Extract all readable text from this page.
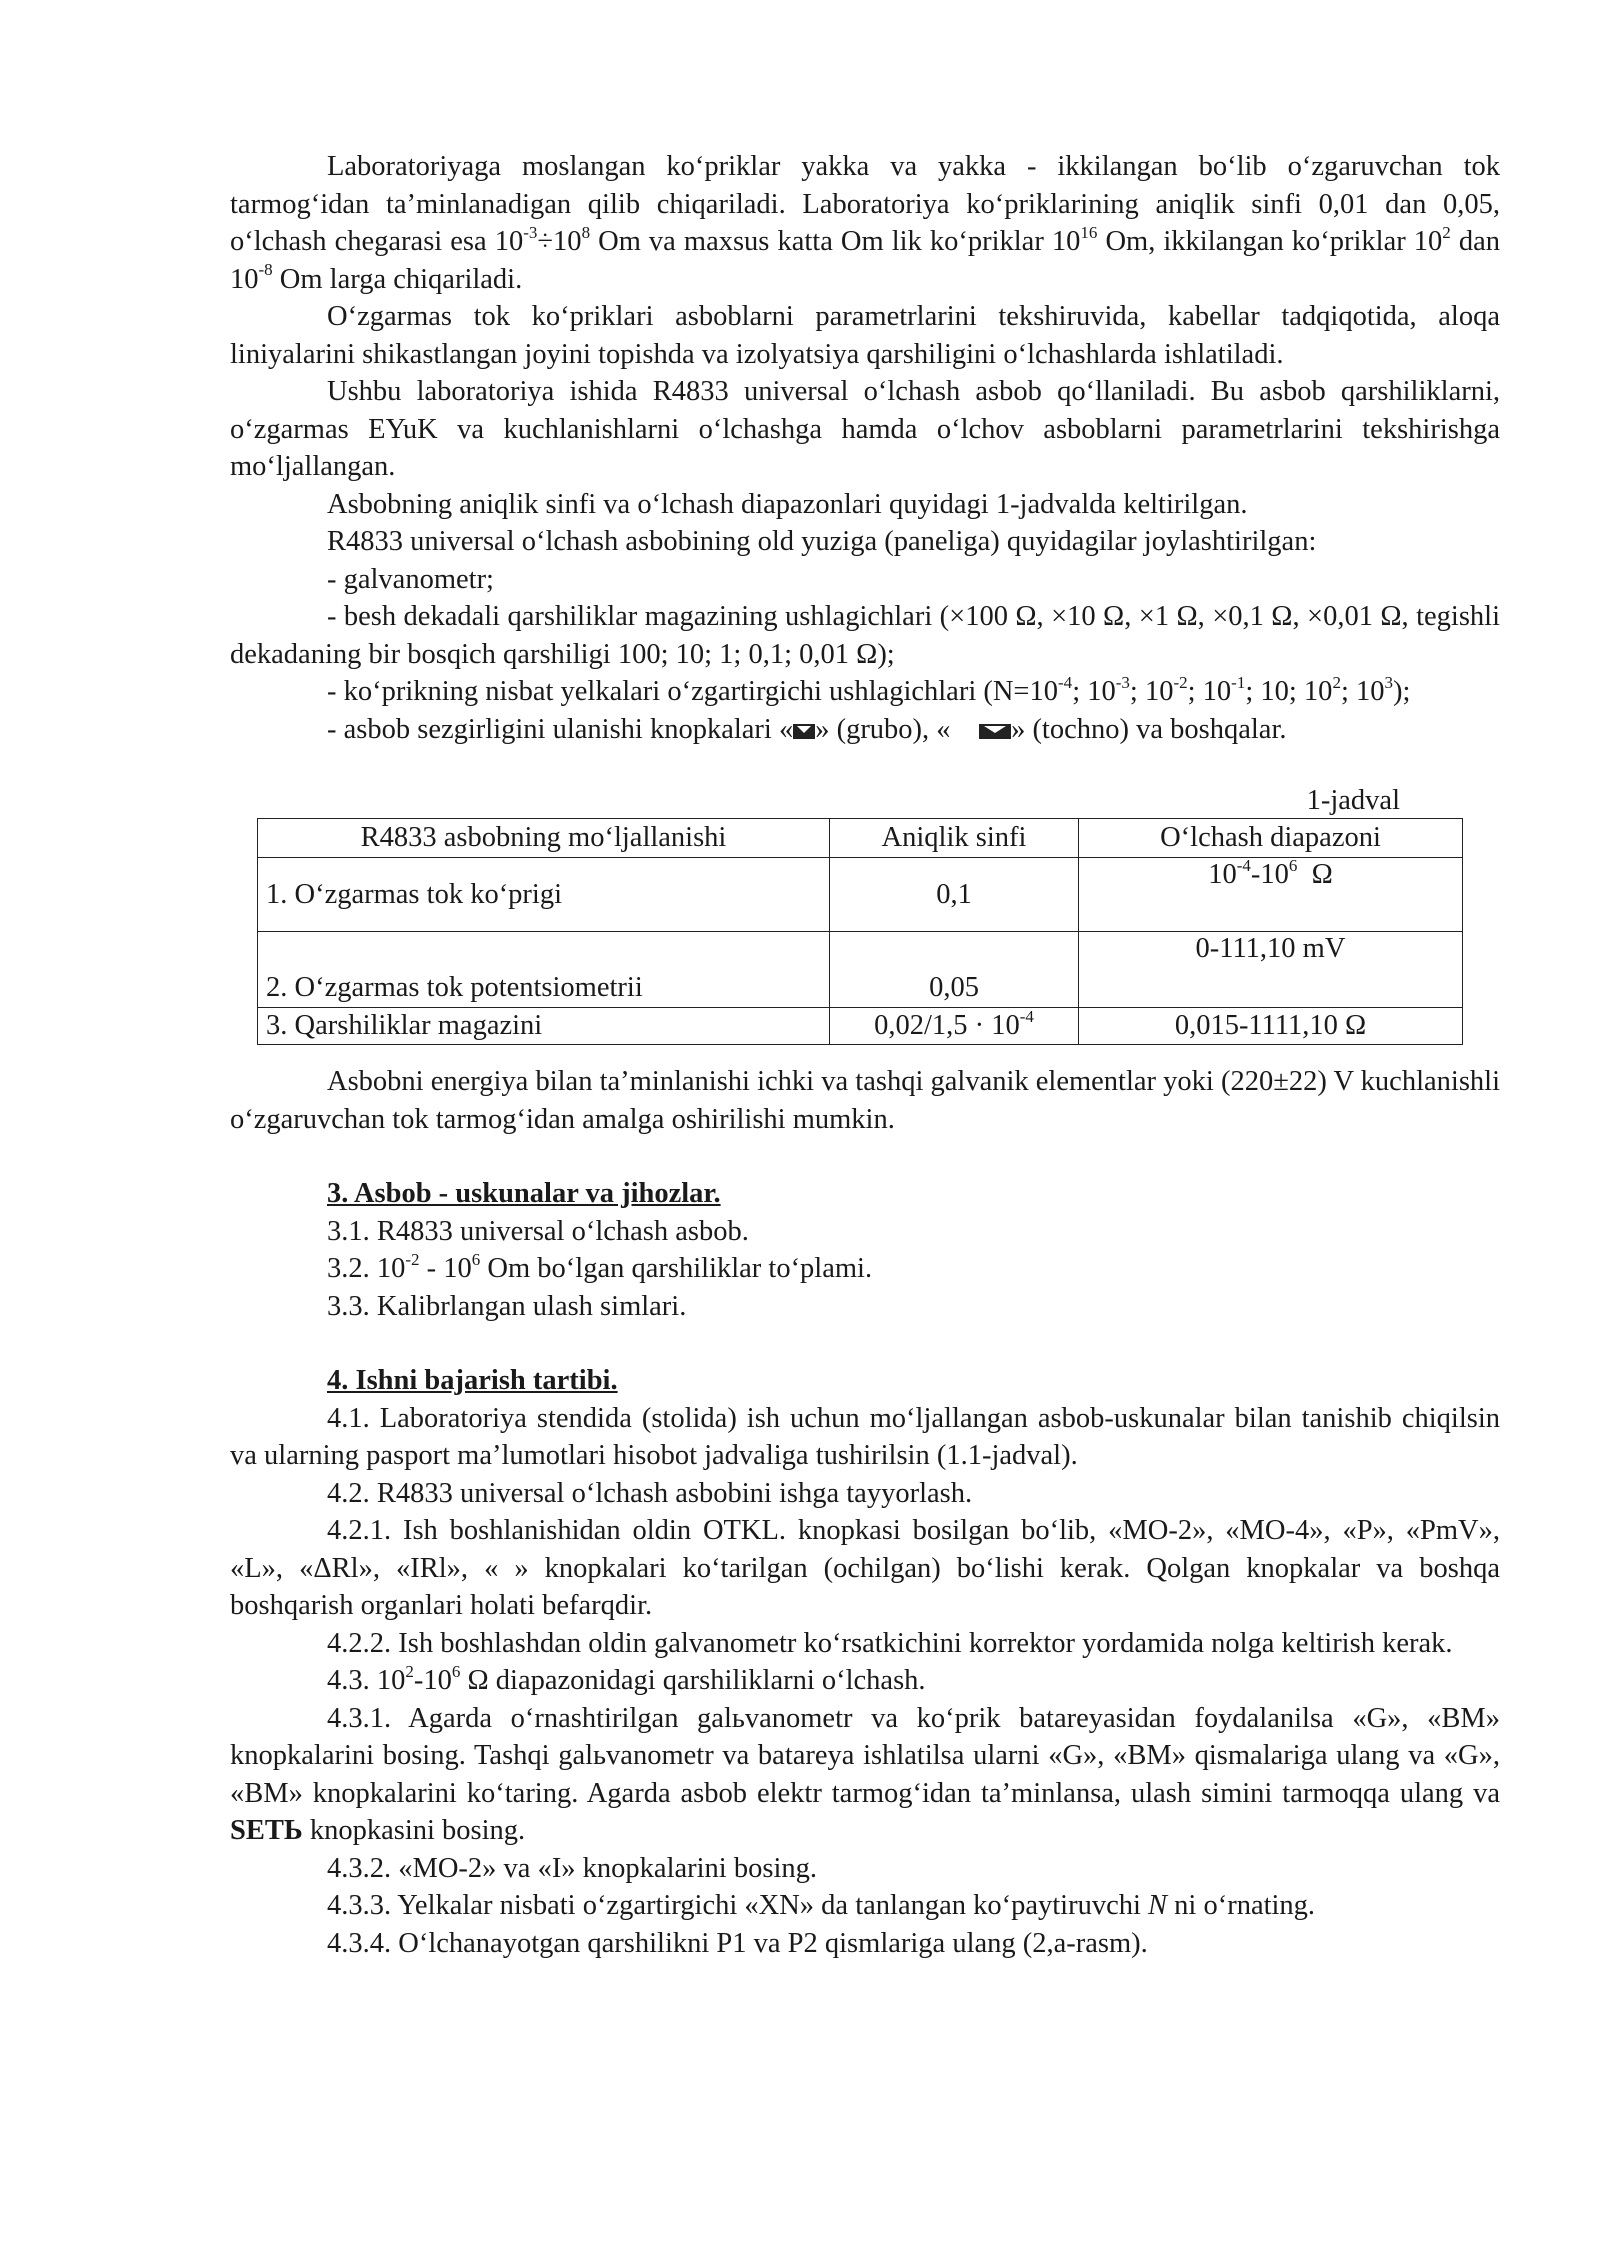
Laboratoriyaga moslangan ko‘priklar yakka va yakka - ikkilangan bo‘lib o‘zgaruvchan tok tarmog‘idan ta’minlanadigan qilib chiqariladi. Laboratoriya ko‘priklarining aniqlik sinfi 0,01 dan 0,05, o‘lchash chegarasi esa $10^{-3}\div 10^8$ Om va maxsus katta Om lik ko‘priklar $10^{16}$ Om, ikkilangan ko‘priklar $10^2$ dan $10^{-8}$ Om larga chiqariladi.

O‘zgarmas tok ko‘priklari asboblarni parametrlarini tekshiruvida, kabellar tadqiqotida, aloqa liniyalarini shikastlangan joyini topishda va izolyatsiya qarshiligini o‘lchashlarda ishlatiladi.

Ushbu laboratoriya ishida R4833 universal o‘lchash asbob qo‘llaniladi. Bu asbob qarshiliklarni, o‘zgarmas EYuK va kuchlanishlarni o‘lchashga hamda o‘lchov asboblarni parametrlarini tekshirishga mo‘ljallangan.

Asbobning aniqlik sinfi va o‘lchash diapazonlari quyidagi 1-jadvalda keltirilgan.

R4833 universal o‘lchash asbobining old yuziga (paneliga) quyidagilar joylashtirilgan:

- galvanometr;

- besh dekadali qarshiliklar magazining ushlagichlari (×100 Ω, ×10 Ω, ×1 Ω, ×0,1 Ω, ×0,01 Ω, tegishli dekadaning bir bosqich qarshiligi 100; 10; 1; 0,1; 0,01 Ω);

- ko‘prikning nisbat yelkalari o‘zgartirgichi ushlagichlari ($N=10^{-4}$; $10^{-3}$; $10^{-2}$; $10^{-1}$; 10; $10^2$; $10^3$);

- asbob sezgirligini ulanishi knopkalari « » (grubo), « » (tochno) va boshqalar.

1-jadval
R4833 asbobning mo‘ljallanishi	Aniqlik sinfi	O‘lchash diapazoni
1. O‘zgarmas tok ko‘prigi	0,1	$10^{-4}-10^6$  Ω
2. O‘zgarmas tok potentsiometrii	0,05	0-111,10 mV
3. Qarshiliklar magazini	$0,02/1,5 \cdot 10^{-4}$	0,015-1111,10 Ω

Asbobni energiya bilan ta’minlanishi ichki va tashqi galvanik elementlar yoki (220±22) V kuchlanishli o‘zgaruvchan tok tarmog‘idan amalga oshirilishi mumkin.

3. Asbob - uskunalar va jihozlar.
3.1. R4833 universal o‘lchash asbob.
3.2. $10^{-2} - 10^6$ Om bo‘lgan qarshiliklar to‘plami.
3.3. Kalibrlangan ulash simlari.
4. Ishni bajarish tartibi.

4.1. Laboratoriya stendida (stolida) ish uchun mo‘ljallangan asbob-uskunalar bilan tanishib chiqilsin va ularning pasport ma’lumotlari hisobot jadvaliga tushirilsin (1.1-jadval).

4.2. R4833 universal o‘lchash asbobini ishga tayyorlash.

4.2.1. Ish boshlanishidan oldin OTKL. knopkasi bosilgan bo‘lib, «MO-2», «MO-4», «P», «PmV», «L», «ΔRl», «IRl», « » knopkalari ko‘tarilgan (ochilgan) bo‘lishi kerak. Qolgan knopkalar va boshqa boshqarish organlari holati befarqdir.

4.2.2. Ish boshlashdan oldin galvanometr ko‘rsatkichini korrektor yordamida nolga keltirish kerak.

4.3. $10^2-10^6$ Ω diapazonidagi qarshiliklarni o‘lchash.

4.3.1. Agarda o‘rnashtirilgan galьvanometr va ko‘prik batareyasidan foydalanilsa «G», «BM» knopkalarini bosing. Tashqi galьvanometr va batareya ishlatilsa ularni «G», «BM» qismalariga ulang va «G», «BM» knopkalarini ko‘taring. Agarda asbob elektr tarmog‘idan ta’minlansa, ulash simini tarmoqqa ulang va SETЬ knopkasini bosing.

4.3.2. «MO-2» va «I» knopkalarini bosing.

4.3.3. Yelkalar nisbati o‘zgartirgichi «XN» da tanlangan ko‘paytiruvchi N ni o‘rnating.

4.3.4. O‘lchanayotgan qarshilikni P1 va P2 qismlariga ulang (2,a-rasm).
